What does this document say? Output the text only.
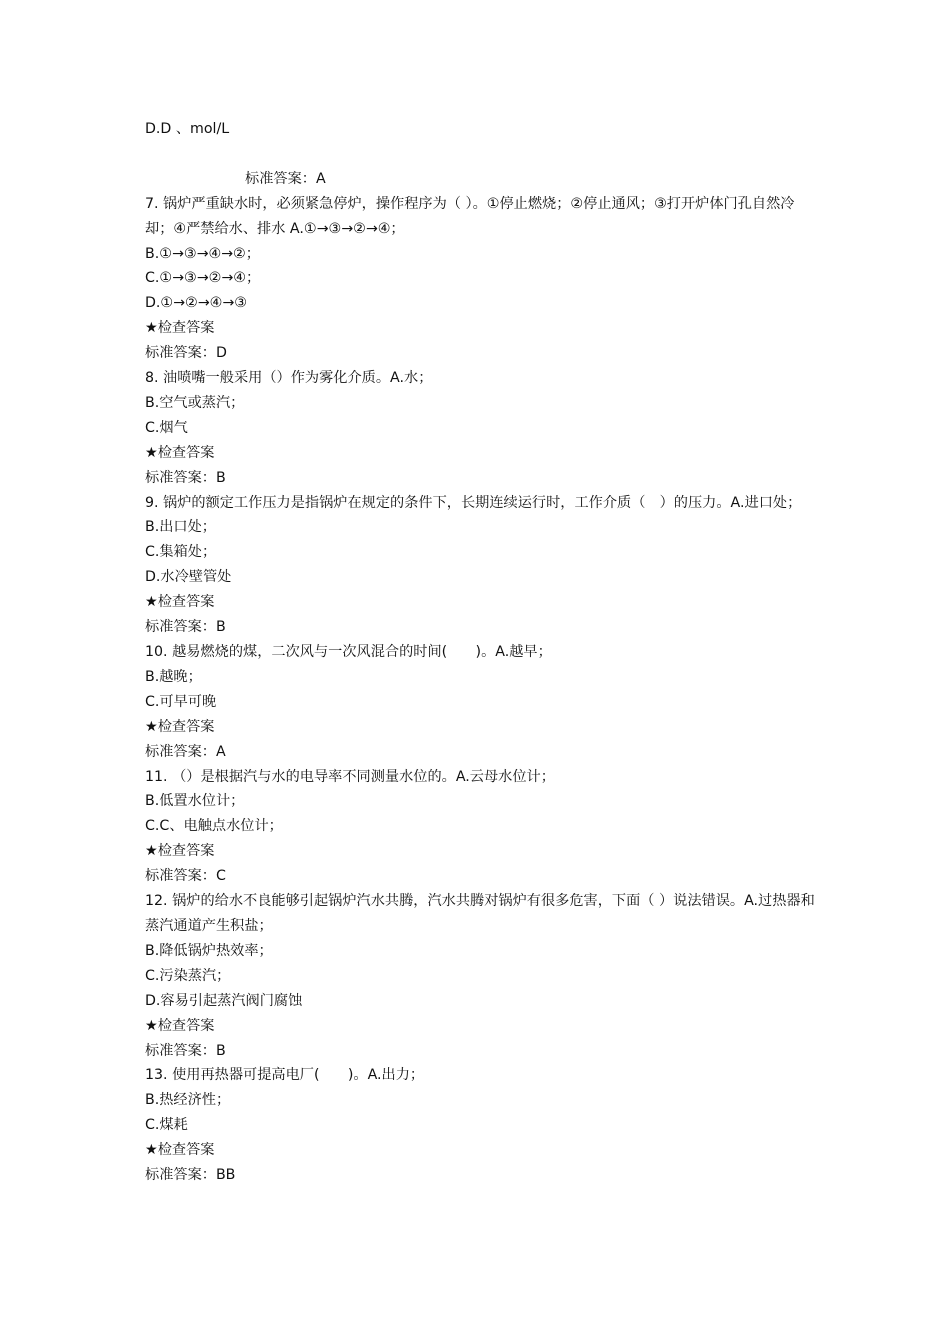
D.D 、mol/L
标准答案：A
7. 锅炉严重缺水时，必须紧急停炉，操作程序为（ ）。①停止燃烧；②停止通风；③打开炉体门孔自然冷却；④严禁给水、排水 A.①→③→②→④；
B.①→③→④→②；
C.①→③→②→④；
D.①→②→④→③
★检查答案
标准答案：D
8. 油喷嘴一般采用（）作为雾化介质。A.水；
B.空气或蒸汽；
C.烟气
★检查答案
标准答案：B
9. 锅炉的额定工作压力是指锅炉在规定的条件下，长期连续运行时，工作介质（　）的压力。A.进口处；
B.出口处；
C.集箱处；
D.水冷壁管处
★检查答案
标准答案：B
10. 越易燃烧的煤，二次风与一次风混合的时间(　　)。A.越早；
B.越晚；
C.可早可晚
★检查答案
标准答案：A
11. （）是根据汽与水的电导率不同测量水位的。A.云母水位计；
B.低置水位计；
C.C、电触点水位计；
★检查答案
标准答案：C
12. 锅炉的给水不良能够引起锅炉汽水共腾，汽水共腾对锅炉有很多危害，下面（ ）说法错误。A.过热器和蒸汽通道产生积盐；
B.降低锅炉热效率；
C.污染蒸汽；
D.容易引起蒸汽阀门腐蚀
★检查答案
标准答案：B
13. 使用再热器可提高电厂(　　)。A.出力；
B.热经济性；
C.煤耗
★检查答案
标准答案：BB
